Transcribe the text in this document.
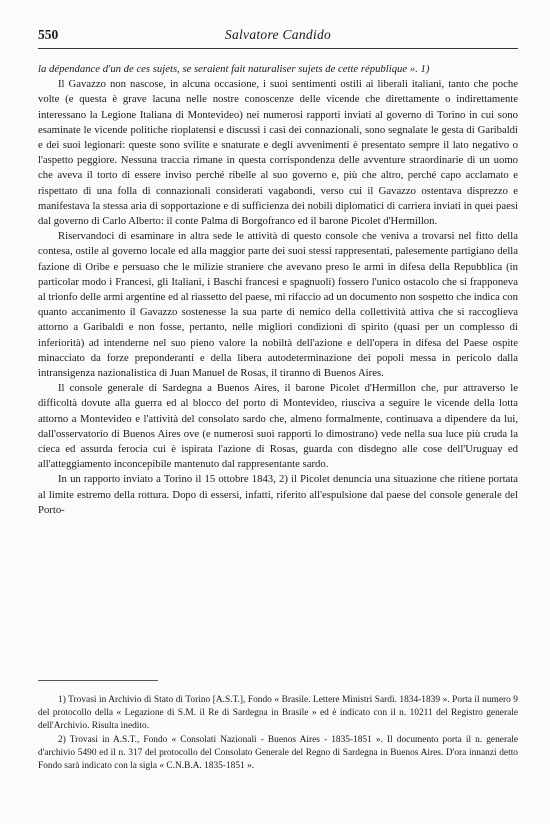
550	Salvatore Candido

la dépendance d'un de ces sujets, se seraient fait naturaliser sujets de cette république ». 1)

Il Gavazzo non nascose, in alcuna occasione, i suoi sentimenti ostili ai liberali italiani, tanto che poche volte (e questa è grave lacuna nelle nostre conoscenze delle vicende che direttamente o indirettamente interessano la Legione Italiana di Montevideo) nei numerosi rapporti inviati al governo di Torino in cui sono esaminate le vicende politiche rioplatensi e discussi i casi dei connazionali, sono segnalate le gesta di Garibaldi e dei suoi legionari: queste sono svilite e snaturate e degli avvenimenti è presentato sempre il lato negativo o l'aspetto peggiore. Nessuna traccia rimane in questa corrispondenza delle avventure straordinarie di un uomo che aveva il torto di essere inviso perché ribelle al suo governo e, più che altro, perché capo acclamato e rispettato di una folla di connazionali considerati vagabondi, verso cui il Gavazzo ostentava disprezzo e manifestava la stessa aria di sopportazione e di sufficienza dei nobili diplomatici di carriera inviati in quei paesi dal governo di Carlo Alberto: il conte Palma di Borgofranco ed il barone Picolet d'Hermillon.

Riservandoci di esaminare in altra sede le attività di questo console che veniva a trovarsi nel fitto della contesa, ostile al governo locale ed alla maggior parte dei suoi stessi rappresentati, palesemente partigiano della fazione di Oribe e persuaso che le milizie straniere che avevano preso le armi in difesa della Repubblica (in particolar modo i Francesi, gli Italiani, i Baschi francesi e spagnuoli) fossero l'unico ostacolo che si frapponeva al trionfo delle armi argentine ed al riassetto del paese, mi rifaccio ad un documento non sospetto che indica con quanto accanimento il Gavazzo sostenesse la sua parte di nemico della collettività attiva che si raccoglieva attorno a Garibaldi e non fosse, pertanto, nelle migliori condizioni di spirito (quasi per un complesso di inferiorità) ad intenderne nel suo pieno valore la nobiltà dell'azione e dell'opera in difesa del Paese ospite minacciato da forze preponderanti e della libera autodeterminazione dei popoli messa in pericolo dalla intransigenza nazionalistica di Juan Manuel de Rosas, il tiranno di Buenos Aires.

Il console generale di Sardegna a Buenos Aires, il barone Picolet d'Hermillon che, pur attraverso le difficoltà dovute alla guerra ed al blocco del porto di Montevideo, riusciva a seguire le vicende della lotta attorno a Montevideo e l'attività del consolato sardo che, almeno formalmente, continuava a dipendere da lui, dall'osservatorio di Buenos Aires ove (e numerosi suoi rapporti lo dimostrano) vede nella sua luce più cruda la cieca ed assurda ferocia cui è ispirata l'azione di Rosas, guarda con disdegno alle cose dell'Uruguay ed all'atteggiamento inconcepibile mantenuto dal rappresentante sardo.

In un rapporto inviato a Torino il 15 ottobre 1843, 2) il Picolet denuncia una situazione che ritiene portata al limite estremo della rottura. Dopo di essersi, infatti, riferito all'espulsione dal paese del console generale del Porto-

1) Trovasi in Archivio di Stato di Torino [A.S.T.], Fondo « Brasile. Lettere Ministri Sardi. 1834-1839 ». Porta il numero 9 del protocollo della « Legazione di S.M. il Re di Sardegna in Brasile » ed è indicato con il n. 10211 del Registro generale dell'Archivio. Risulta inedito.

2) Trovasi in A.S.T., Fondo « Consolati Nazionali - Buenos Aires - 1835-1851 ». Il documento porta il n. generale d'archivio 5490 ed il n. 317 del protocollo del Consolato Generale del Regno di Sardegna in Buenos Aires. D'ora innanzi detto Fondo sarà indicato con la sigla « C.N.B.A. 1835-1851 ».
